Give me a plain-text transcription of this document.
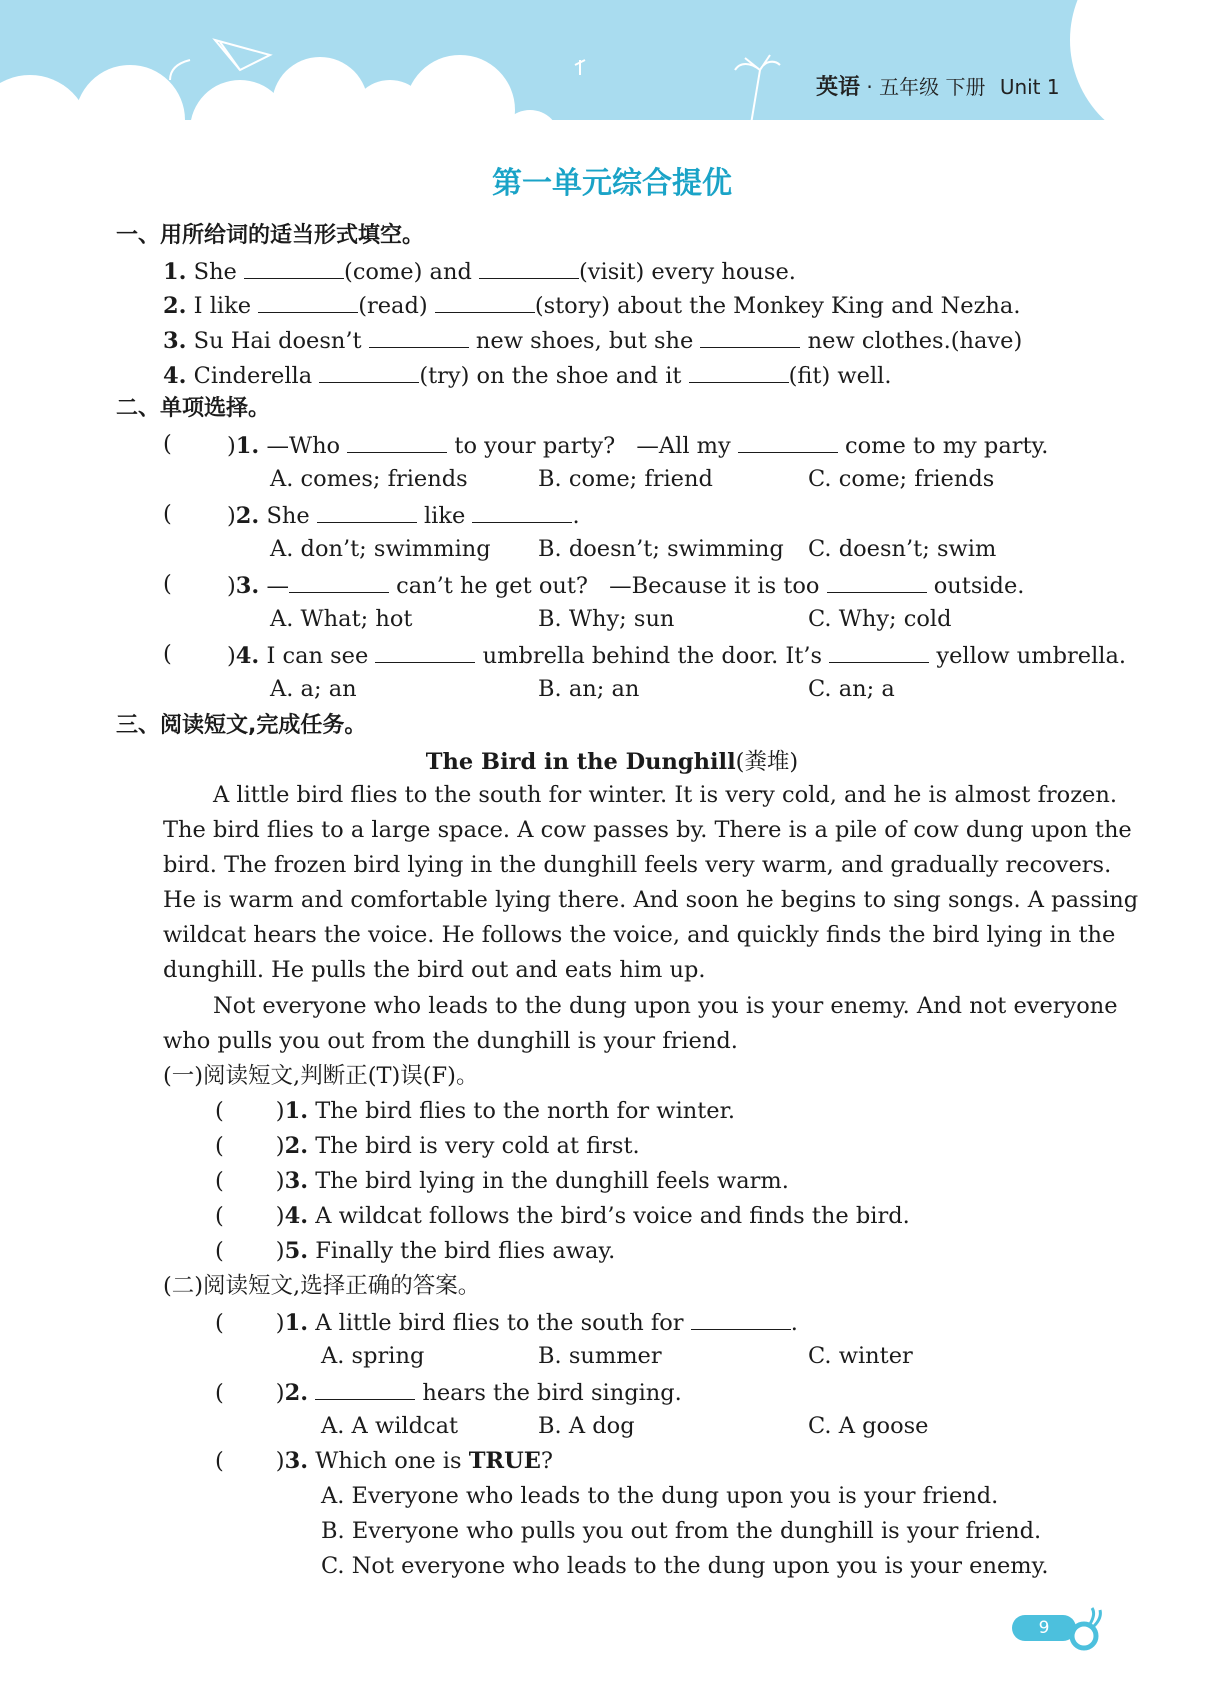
英语 · 五年级 下册 Unit 1
第一单元综合提优
一、用所给词的适当形式填空。
1. She	(come) and	(visit) every house.
2. I like	(read)	(story) about the Monkey King and Nezha.
3. Su Hai doesn’t	new shoes, but she	new clothes.(have)
4. Cinderella	(try) on the shoe and it	(fit) well.
二、单项选择。
( )1. —Who	to your party? —All my	come to my party.
A. comes; friends	B. come; friend	C. come; friends
( )2. She	like	.
A. don’t; swimming B. doesn’t; swimming C. doesn’t; swim
( )3. —	can’t he get out? —Because it is too	outside.
A. What; hot	B. Why; sun	C. Why; cold
( )4. I can see	umbrella behind the door. It’s	yellow umbrella.
A. a; an	B. an; an	C. an; a
三、阅读短文,完成任务。
The Bird in the Dunghill(粪堆)
A little bird flies to the south for winter. It is very cold, and he is almost frozen.
The bird flies to a large space. A cow passes by. There is a pile of cow dung upon the
bird. The frozen bird lying in the dunghill feels very warm, and gradually recovers.
He is warm and comfortable lying there. And soon he begins to sing songs. A passing
wildcat hears the voice. He follows the voice, and quickly finds the bird lying in the
dunghill. He pulls the bird out and eats him up.
Not everyone who leads to the dung upon you is your enemy. And not everyone
who pulls you out from the dunghill is your friend.
(一)阅读短文,判断正(T)误(F)。
( )1. The bird flies to the north for winter.
( )2. The bird is very cold at first.
( )3. The bird lying in the dunghill feels warm.
( )4. A wildcat follows the bird’s voice and finds the bird.
( )5. Finally the bird flies away.
(二)阅读短文,选择正确的答案。
( )1. A little bird flies to the south for	.
A. spring	B. summer	C. winter
( )2.	hears the bird singing.
A. A wildcat	B. A dog	C. A goose
( )3. Which one is TRUE?
A. Everyone who leads to the dung upon you is your friend.
B. Everyone who pulls you out from the dunghill is your friend.
C. Not everyone who leads to the dung upon you is your enemy.
9
